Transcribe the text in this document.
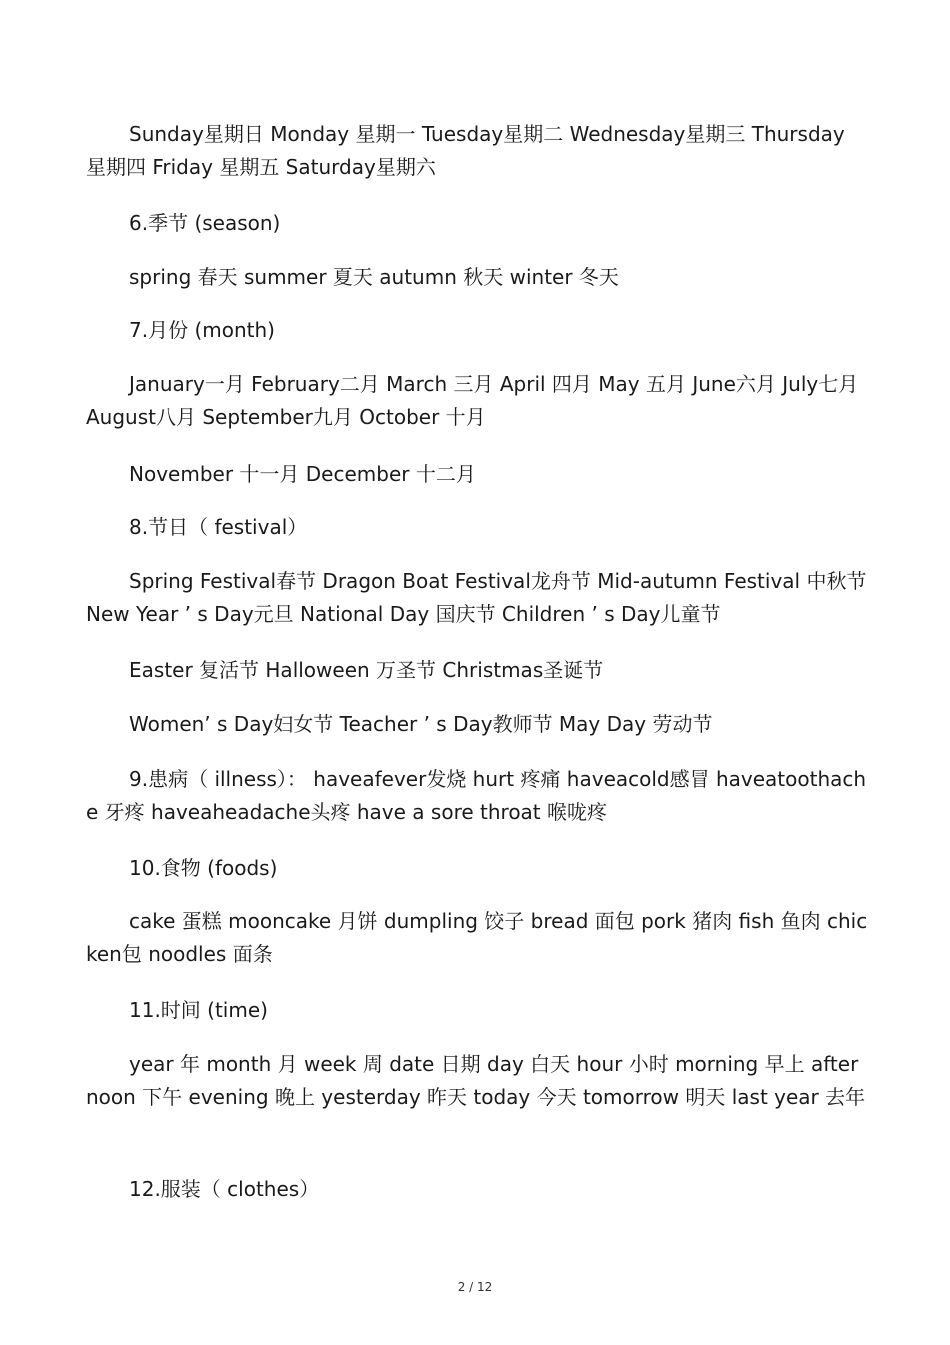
Sunday星期日 Monday 星期一 Tuesday星期二 Wednesday星期三 Thursday 星期四 Friday 星期五 Saturday星期六

6.季节 (season)

spring 春天 summer 夏天 autumn 秋天 winter 冬天

7.月份 (month)

January一月 February二月 March 三月 April 四月 May 五月 June六月 July七月 August八月 September九月 October 十月

November 十一月 December 十二月

8.节日（ festival）

Spring Festival春节 Dragon Boat Festival龙舟节 Mid-autumn Festival 中秋节 New Year ’ s Day元旦 National Day 国庆节 Children ’ s Day儿童节

Easter 复活节 Halloween 万圣节 Christmas圣诞节

Women’ s Day妇女节 Teacher ’ s Day教师节 May Day 劳动节

9.患病（ illness）： haveafever发烧 hurt 疼痛 haveacold感冒 haveatoothache 牙疼 haveaheadache头疼 have a sore throat 喉咙疼

10.食物 (foods)

cake 蛋糕 mooncake 月饼 dumpling 饺子 bread 面包 pork 猪肉 fish 鱼肉 chicken包 noodles 面条

11.时间 (time)

year 年 month 月 week 周 date 日期 day 白天 hour 小时 morning 早上 afternoon 下午 evening 晚上 yesterday 昨天 today 今天 tomorrow 明天 last year 去年

12.服装（ clothes）

2 / 12
